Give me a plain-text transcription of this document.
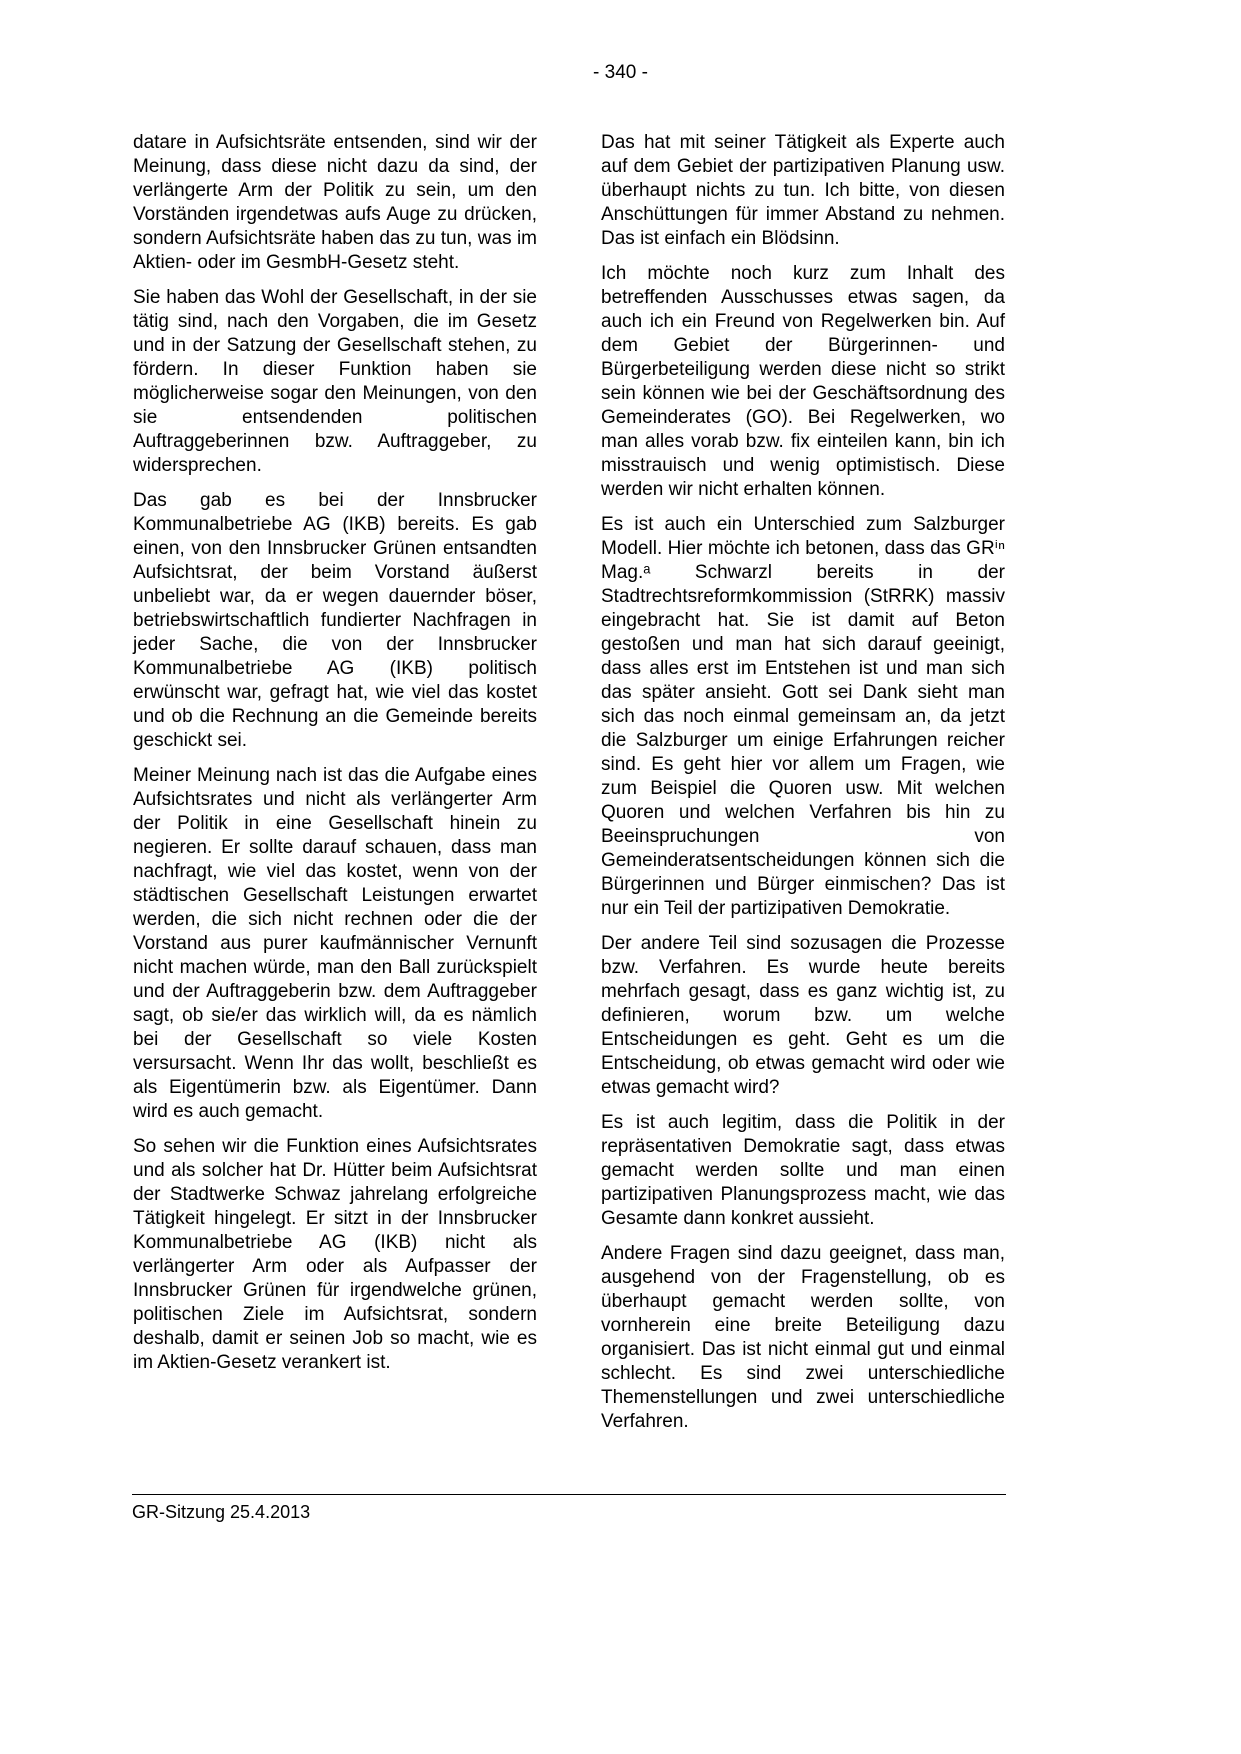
- 340 -

datare in Aufsichtsräte entsenden, sind wir der Meinung, dass diese nicht dazu da sind, der verlängerte Arm der Politik zu sein, um den Vorständen irgendetwas aufs Auge zu drücken, sondern Aufsichtsräte haben das zu tun, was im Aktien- oder im GesmbH-Gesetz steht.

Sie haben das Wohl der Gesellschaft, in der sie tätig sind, nach den Vorgaben, die im Gesetz und in der Satzung der Gesellschaft stehen, zu fördern. In dieser Funktion haben sie möglicherweise sogar den Meinungen, von den sie entsendenden politischen Auftraggeberinnen bzw. Auftraggeber, zu widersprechen.

Das gab es bei der Innsbrucker Kommunalbetriebe AG (IKB) bereits. Es gab einen, von den Innsbrucker Grünen entsandten Aufsichtsrat, der beim Vorstand äußerst unbeliebt war, da er wegen dauernder böser, betriebswirtschaftlich fundierter Nachfragen in jeder Sache, die von der Innsbrucker Kommunalbetriebe AG (IKB) politisch erwünscht war, gefragt hat, wie viel das kostet und ob die Rechnung an die Gemeinde bereits geschickt sei.

Meiner Meinung nach ist das die Aufgabe eines Aufsichtsrates und nicht als verlängerter Arm der Politik in eine Gesellschaft hinein zu negieren. Er sollte darauf schauen, dass man nachfragt, wie viel das kostet, wenn von der städtischen Gesellschaft Leistungen erwartet werden, die sich nicht rechnen oder die der Vorstand aus purer kaufmännischer Vernunft nicht machen würde, man den Ball zurückspielt und der Auftraggeberin bzw. dem Auftraggeber sagt, ob sie/er das wirklich will, da es nämlich bei der Gesellschaft so viele Kosten versursacht. Wenn Ihr das wollt, beschließt es als Eigentümerin bzw. als Eigentümer. Dann wird es auch gemacht.

So sehen wir die Funktion eines Aufsichtsrates und als solcher hat Dr. Hütter beim Aufsichtsrat der Stadtwerke Schwaz jahrelang erfolgreiche Tätigkeit hingelegt. Er sitzt in der Innsbrucker Kommunalbetriebe AG (IKB) nicht als verlängerter Arm oder als Aufpasser der Innsbrucker Grünen für irgendwelche grünen, politischen Ziele im Aufsichtsrat, sondern deshalb, damit er seinen Job so macht, wie es im Aktien-Gesetz verankert ist.

Das hat mit seiner Tätigkeit als Experte auch auf dem Gebiet der partizipativen Planung usw. überhaupt nichts zu tun. Ich bitte, von diesen Anschüttungen für immer Abstand zu nehmen. Das ist einfach ein Blödsinn.

Ich möchte noch kurz zum Inhalt des betreffenden Ausschusses etwas sagen, da auch ich ein Freund von Regelwerken bin. Auf dem Gebiet der Bürgerinnen- und Bürgerbeteiligung werden diese nicht so strikt sein können wie bei der Geschäftsordnung des Gemeinderates (GO). Bei Regelwerken, wo man alles vorab bzw. fix einteilen kann, bin ich misstrauisch und wenig optimistisch. Diese werden wir nicht erhalten können.

Es ist auch ein Unterschied zum Salzburger Modell. Hier möchte ich betonen, dass das GRⁱⁿ Mag.ᵃ Schwarzl bereits in der Stadtrechtsreformkommission (StRRK) massiv eingebracht hat. Sie ist damit auf Beton gestoßen und man hat sich darauf geeinigt, dass alles erst im Entstehen ist und man sich das später ansieht. Gott sei Dank sieht man sich das noch einmal gemeinsam an, da jetzt die Salzburger um einige Erfahrungen reicher sind. Es geht hier vor allem um Fragen, wie zum Beispiel die Quoren usw. Mit welchen Quoren und welchen Verfahren bis hin zu Beeinspruchungen von Gemeinderatsentscheidungen können sich die Bürgerinnen und Bürger einmischen? Das ist nur ein Teil der partizipativen Demokratie.

Der andere Teil sind sozusagen die Prozesse bzw. Verfahren. Es wurde heute bereits mehrfach gesagt, dass es ganz wichtig ist, zu definieren, worum bzw. um welche Entscheidungen es geht. Geht es um die Entscheidung, ob etwas gemacht wird oder wie etwas gemacht wird?

Es ist auch legitim, dass die Politik in der repräsentativen Demokratie sagt, dass etwas gemacht werden sollte und man einen partizipativen Planungsprozess macht, wie das Gesamte dann konkret aussieht.

Andere Fragen sind dazu geeignet, dass man, ausgehend von der Fragenstellung, ob es überhaupt gemacht werden sollte, von vornherein eine breite Beteiligung dazu organisiert. Das ist nicht einmal gut und einmal schlecht. Es sind zwei unterschiedliche Themenstellungen und zwei unterschiedliche Verfahren.

GR-Sitzung 25.4.2013
